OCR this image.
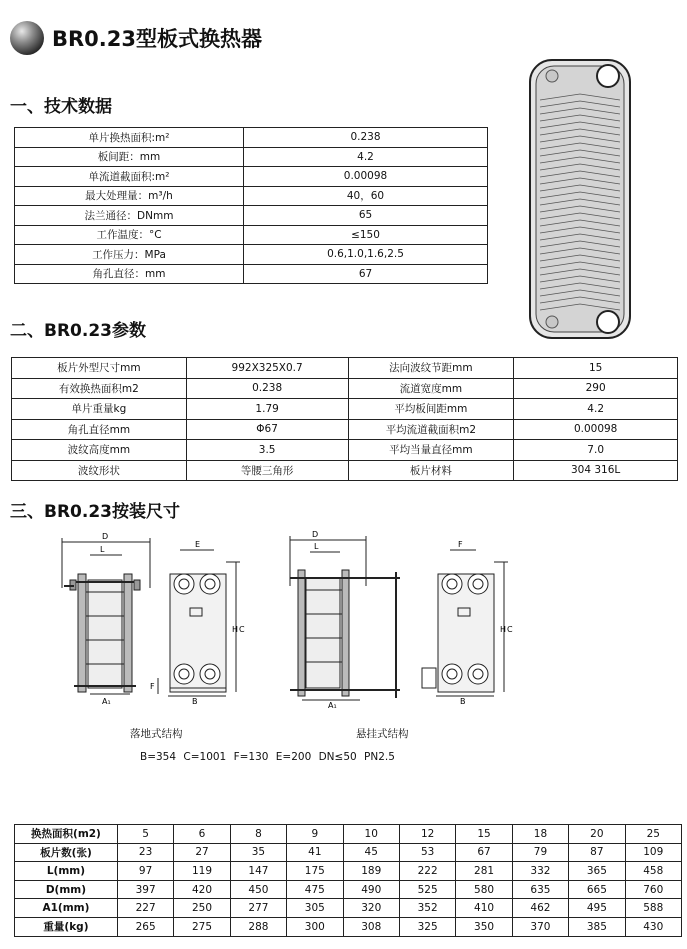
BR0.23型板式换热器
一、技术数据
单片换热面积:m²	0.238
板间距：mm	4.2
单流道截面积:m²	0.00098
最大处理量：m³/h	40，60
法兰通径：DNmm	65
工作温度：°C	≤150
工作压力：MPa	0.6,1.0,1.6,2.5
角孔直径：mm	67
二、BR0.23参数
板片外型尺寸mm	992X325X0.7	法向波纹节距mm	15
有效换热面积m2	0.238	流道宽度mm	290
单片重量kg	1.79	平均板间距mm	4.2
角孔直径mm	Φ67	平均流道截面积m2	0.00098
波纹高度mm	3.5	平均当量直径mm	7.0
波纹形状	等腰三角形	板片材料	304 316L
三、BR0.23按装尺寸
D
L
A₁
E
C
H
F
B
D
L
A₁
F
C
H
B
落地式结构	悬挂式结构
B=354 C=1001 F=130 E=200 DN≤50 PN2.5
换热面积(m2)	5	6	8	9	10	12	15	18	20	25
板片数(张)	23	27	35	41	45	53	67	79	87	109
L(mm)	97	119	147	175	189	222	281	332	365	458
D(mm)	397	420	450	475	490	525	580	635	665	760
A1(mm)	227	250	277	305	320	352	410	462	495	588
重量(kg)	265	275	288	300	308	325	350	370	385	430
